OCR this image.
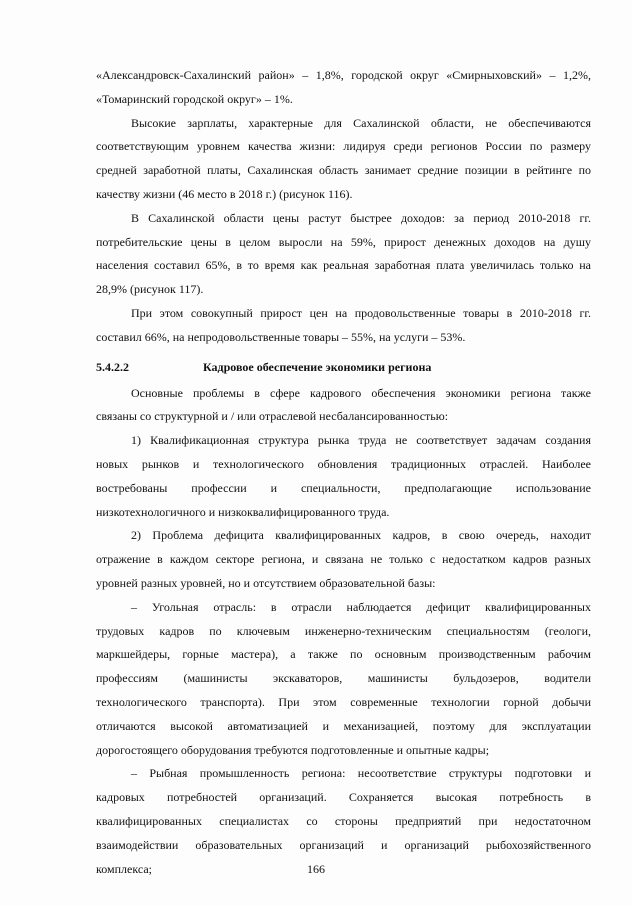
«Александровск-Сахалинский район» – 1,8%, городской округ «Смирныховский» – 1,2%,
«Томаринский городской округ» – 1%.
Высокие зарплаты, характерные для Сахалинской области, не обеспечиваются
соответствующим уровнем качества жизни: лидируя среди регионов России по размеру
средней заработной платы, Сахалинская область занимает средние позиции в рейтинге по
качеству жизни (46 место в 2018 г.) (рисунок 116).
В Сахалинской области цены растут быстрее доходов: за период 2010-2018 гг.
потребительские цены в целом выросли на 59%, прирост денежных доходов на душу
населения составил 65%, в то время как реальная заработная плата увеличилась только на
28,9% (рисунок 117).
При этом совокупный прирост цен на продовольственные товары в 2010-2018 гг.
составил 66%, на непродовольственные товары – 55%, на услуги – 53%.
5.4.2.2	Кадровое обеспечение экономики региона
Основные проблемы в сфере кадрового обеспечения экономики региона также
связаны со структурной и / или отраслевой несбалансированностью:
1) Квалификационная структура рынка труда не соответствует задачам создания
новых рынков и технологического обновления традиционных отраслей. Наиболее
востребованы профессии и специальности, предполагающие использование
низкотехнологичного и низкоквалифицированного труда.
2) Проблема дефицита квалифицированных кадров, в свою очередь, находит
отражение в каждом секторе региона, и связана не только с недостатком кадров разных
уровней разных уровней, но и отсутствием образовательной базы:
– Угольная отрасль: в отрасли наблюдается дефицит квалифицированных
трудовых кадров по ключевым инженерно-техническим специальностям (геологи,
маркшейдеры, горные мастера), а также по основным производственным рабочим
профессиям (машинисты экскаваторов, машинисты бульдозеров, водители
технологического транспорта). При этом современные технологии горной добычи
отличаются высокой автоматизацией и механизацией, поэтому для эксплуатации
дорогостоящего оборудования требуются подготовленные и опытные кадры;
– Рыбная промышленность региона: несоответствие структуры подготовки и
кадровых потребностей организаций. Сохраняется высокая потребность в
квалифицированных специалистах со стороны предприятий при недостаточном
взаимодействии образовательных организаций и организаций рыбохозяйственного
комплекса;	166
